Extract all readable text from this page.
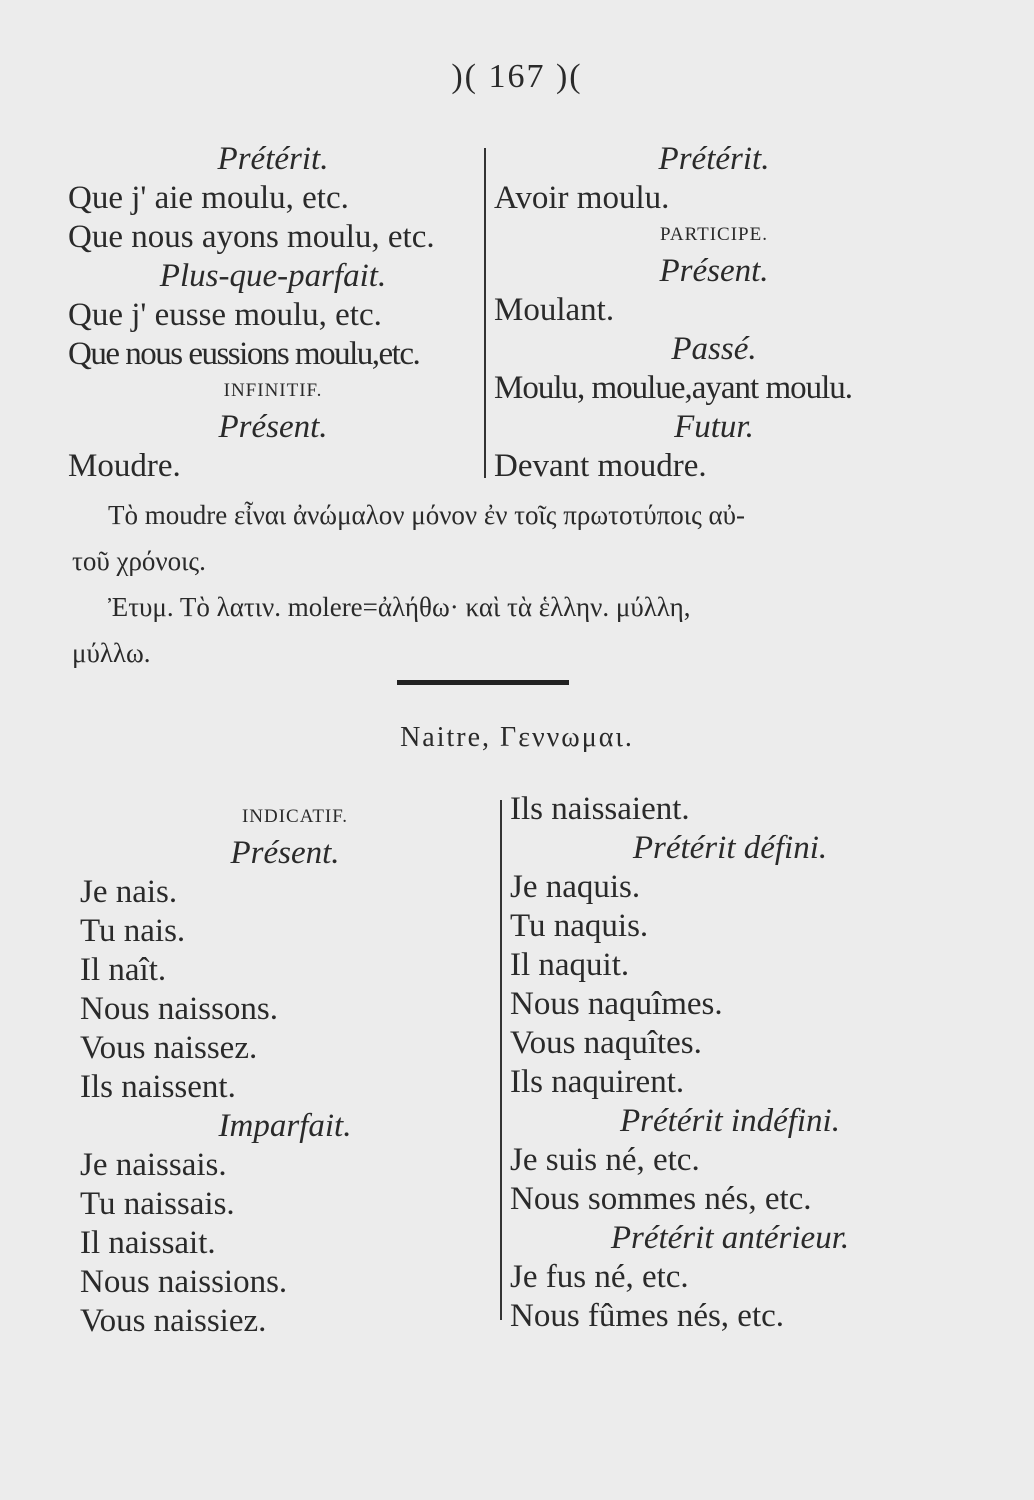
)( 167 )(
Prétérit.
Que j' aie moulu, etc.
Que nous ayons moulu, etc.
Plus-que-parfait.
Que j' eusse moulu, etc.
Que nous eussions moulu,etc.
INFINITIF.
Présent.
Moudre.
Prétérit.
Avoir moulu.
PARTICIPE.
Présent.
Moulant.
Passé.
Moulu, moulue,ayant moulu.
Futur.
Devant moudre.
Τὸ moudre εἶναι ἀνώμαλον μόνον ἐν τοῖς πρωτοτύποις αὐ-
τοῦ χρόνοις.
Ἐτυμ. Τὸ λατιν. molere=ἀλήθω· καὶ τὰ ἑλλην. μύλλη,
μύλλω.
Naitre, Γεννωμαι.
INDICATIF.
Présent.
Je nais.
Tu nais.
Il naît.
Nous naissons.
Vous naissez.
Ils naissent.
Imparfait.
Je naissais.
Tu naissais.
Il naissait.
Nous naissions.
Vous naissiez.
Ils naissaient.
Prétérit défini.
Je naquis.
Tu naquis.
Il naquit.
Nous naquîmes.
Vous naquîtes.
Ils naquirent.
Prétérit indéfini.
Je suis né, etc.
Nous sommes nés, etc.
Prétérit antérieur.
Je fus né, etc.
Nous fûmes nés, etc.
